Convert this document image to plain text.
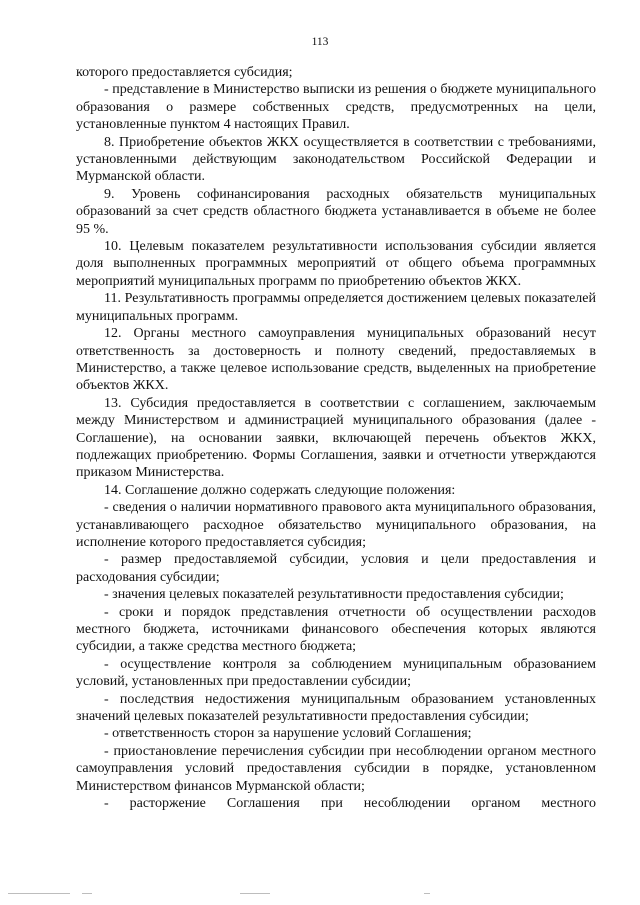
113

которого предоставляется субсидия;

- представление в Министерство выписки из решения о бюджете муниципального образования о размере собственных средств, предусмотренных на цели, установленные пунктом 4 настоящих Правил.

8. Приобретение объектов ЖКХ осуществляется в соответствии с требованиями, установленными действующим законодательством Российской Федерации и Мурманской области.

9. Уровень софинансирования расходных обязательств муниципальных образований за счет средств областного бюджета устанавливается в объеме не более 95 %.

10. Целевым показателем результативности использования субсидии является доля выполненных программных мероприятий от общего объема программных мероприятий муниципальных программ по приобретению объектов ЖКХ.

11. Результативность программы определяется достижением целевых показателей муниципальных программ.

12. Органы местного самоуправления муниципальных образований несут ответственность за достоверность и полноту сведений, предоставляемых в Министерство, а также целевое использование средств, выделенных на приобретение объектов ЖКХ.

13. Субсидия предоставляется в соответствии с соглашением, заключаемым между Министерством и администрацией муниципального образования (далее - Соглашение), на основании заявки, включающей перечень объектов ЖКХ, подлежащих приобретению. Формы Соглашения, заявки и отчетности утверждаются приказом Министерства.

14. Соглашение должно содержать следующие положения:

- сведения о наличии нормативного правового акта муниципального образования, устанавливающего расходное обязательство муниципального образования, на исполнение которого предоставляется субсидия;

- размер предоставляемой субсидии, условия и цели предоставления и расходования субсидии;

- значения целевых показателей результативности предоставления субсидии;

- сроки и порядок представления отчетности об осуществлении расходов местного бюджета, источниками финансового обеспечения которых являются субсидии, а также средства местного бюджета;

- осуществление контроля за соблюдением муниципальным образованием условий, установленных при предоставлении субсидии;

- последствия недостижения муниципальным образованием установленных значений целевых показателей результативности предоставления субсидии;

- ответственность сторон за нарушение условий Соглашения;

- приостановление перечисления субсидии при несоблюдении органом местного самоуправления условий предоставления субсидии в порядке, установленном Министерством финансов Мурманской области;

- расторжение Соглашения при несоблюдении органом местного
